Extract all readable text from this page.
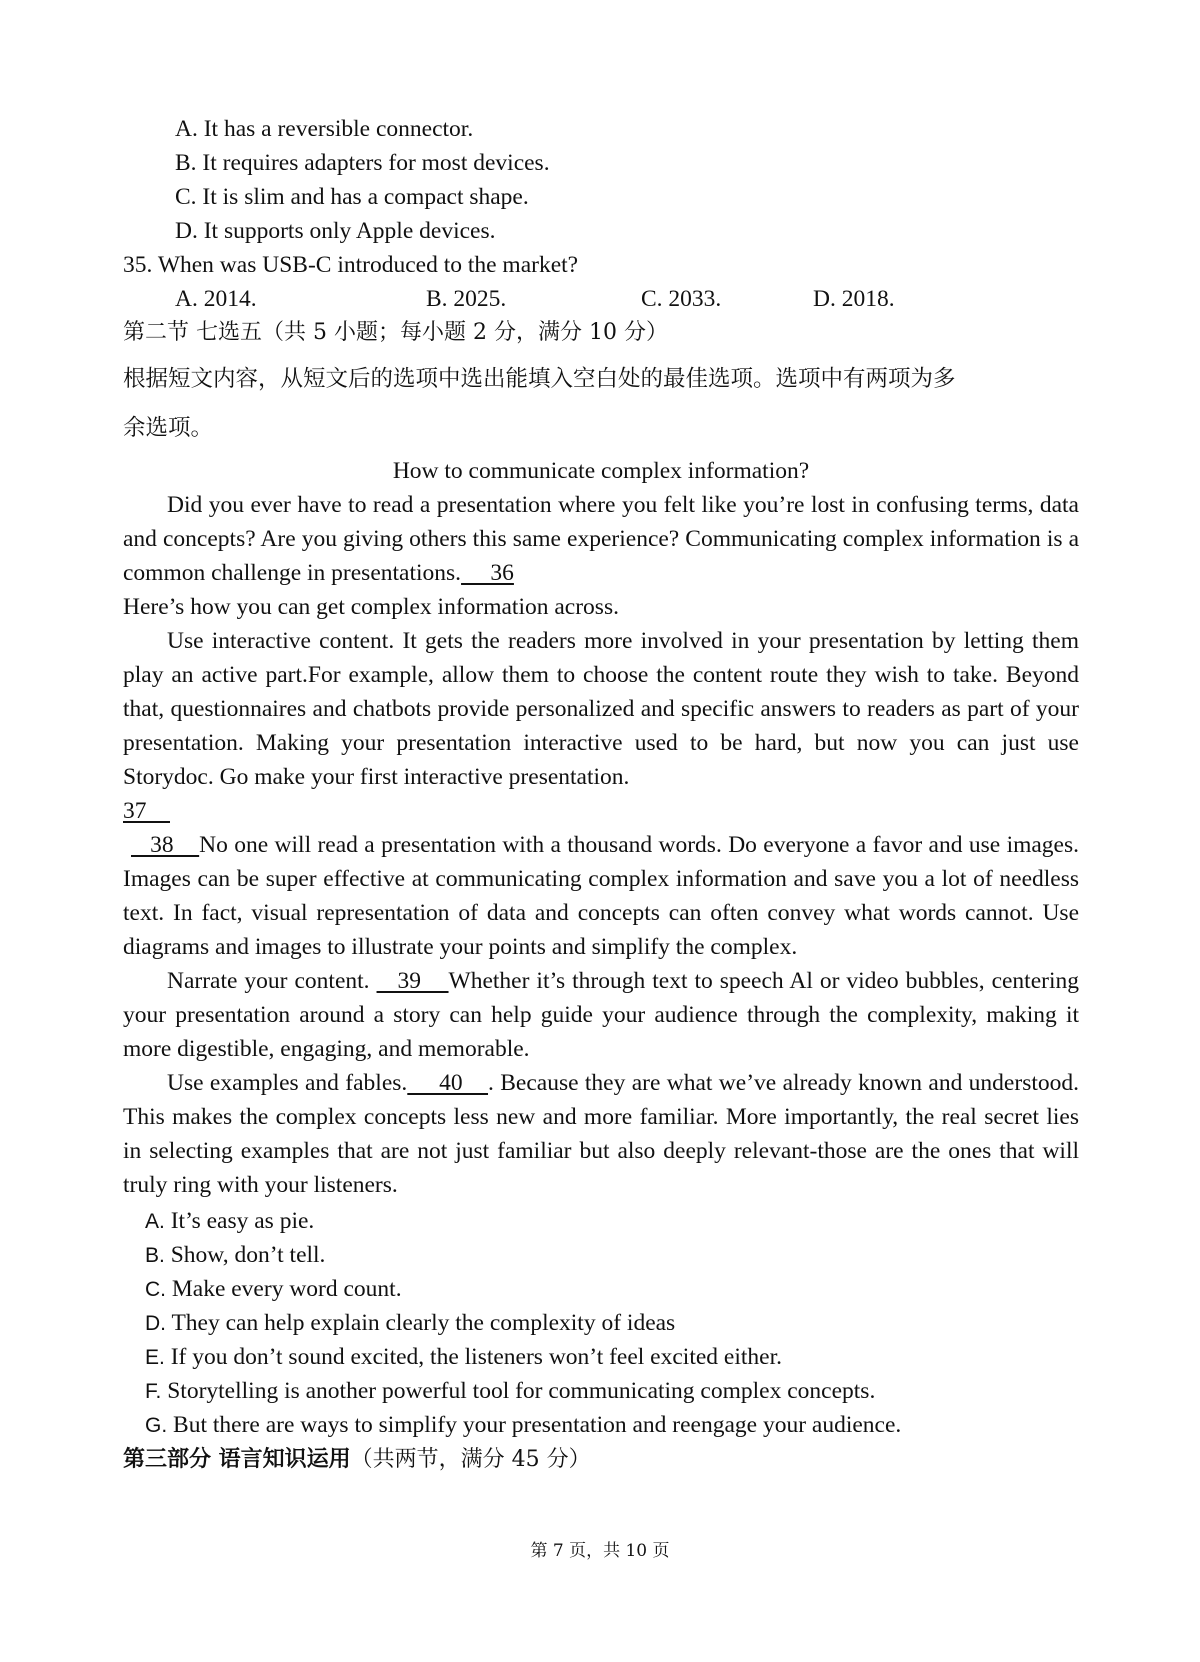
A. It has a reversible connector.
B. It requires adapters for most devices.
C. It is slim and has a compact shape.
D. It supports only Apple devices.
35. When was USB-C introduced to the market?
A. 2014.	B. 2025.	C. 2033.	D. 2018.
第二节 七选五（共 5 小题；每小题 2 分，满分 10 分）
根据短文内容，从短文后的选项中选出能填入空白处的最佳选项。选项中有两项为多
余选项。
How to communicate complex information?

Did you ever have to read a presentation where you felt like you’re lost in confusing terms, data and concepts? Are you giving others this same experience? Communicating complex information is a common challenge in presentations.     36
Here’s how you can get complex information across.

Use interactive content. It gets the readers more involved in your presentation by letting them play an active part.For example, allow them to choose the content route they wish to take. Beyond that, questionnaires and chatbots provide personalized and specific answers to readers as part of your presentation. Making your presentation interactive used to be hard, but now you can just use Storydoc. Go make your first interactive presentation.
37

38    No one will read a presentation with a thousand words. Do everyone a favor and use images. Images can be super effective at communicating complex information and save you a lot of needless text. In fact, visual representation of data and concepts can often convey what words cannot. Use diagrams and images to illustrate your points and simplify the complex.

Narrate your content.    39    Whether it’s through text to speech Al or video bubbles, centering your presentation around a story can help guide your audience through the complexity, making it more digestible, engaging, and memorable.

Use examples and fables.     40    . Because they are what we’ve already known and understood. This makes the complex concepts less new and more familiar. More importantly, the real secret lies in selecting examples that are not just familiar but also deeply relevant-those are the ones that will truly ring with your listeners.

A. It’s easy as pie.
B. Show, don’t tell.
C. Make every word count.
D. They can help explain clearly the complexity of ideas
E. If you don’t sound excited, the listeners won’t feel excited either.
F. Storytelling is another powerful tool for communicating complex concepts.
G. But there are ways to simplify your presentation and reengage your audience.
第三部分 语言知识运用（共两节，满分 45 分）
第 7 页，共 10 页
